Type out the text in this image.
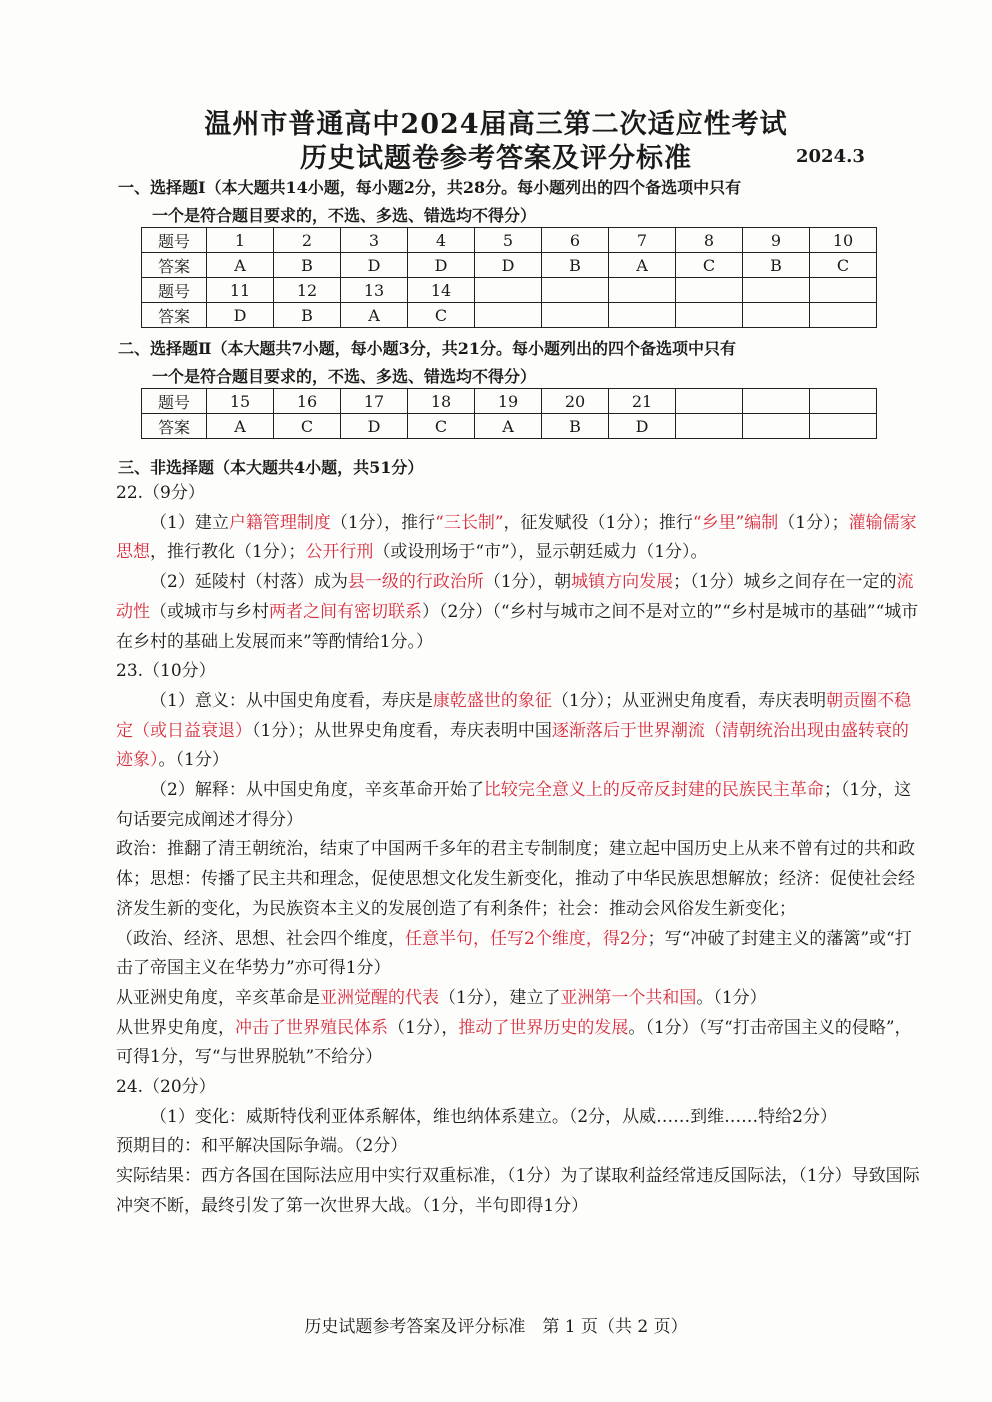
温州市普通高中2024届高三第二次适应性考试
历史试题卷参考答案及评分标准	2024.3
一、选择题Ⅰ（本大题共14小题，每小题2分，共28分。每小题列出的四个备选项中只有
一个是符合题目要求的，不选、多选、错选均不得分）
题号	1	2	3	4	5	6	7	8	9	10
答案	A	B	D	D	D	B	A	C	B	C
题号	11	12	13	14						
答案	D	B	A	C						
二、选择题Ⅱ（本大题共7小题，每小题3分，共21分。每小题列出的四个备选项中只有
一个是符合题目要求的，不选、多选、错选均不得分）
题号	15	16	17	18	19	20	21			
答案	A	C	D	C	A	B	D			
三、非选择题（本大题共4小题，共51分）

22.（9分）

（1）建立户籍管理制度（1分），推行“三长制”，征发赋役（1分）；推行“乡里”编制（1分）；灌输儒家思想，推行教化（1分）；公开行刑（或设刑场于“市”），显示朝廷威力（1分）。

（2）延陵村（村落）成为县一级的行政治所（1分），朝城镇方向发展；（1分）城乡之间存在一定的流动性（或城市与乡村两者之间有密切联系）（2分）（“乡村与城市之间不是对立的”“乡村是城市的基础”“城市在乡村的基础上发展而来”等酌情给1分。）

23.（10分）

（1）意义：从中国史角度看，寿庆是康乾盛世的象征（1分）；从亚洲史角度看，寿庆表明朝贡圈不稳定（或日益衰退）（1分）；从世界史角度看，寿庆表明中国逐渐落后于世界潮流（清朝统治出现由盛转衰的迹象）。（1分）

（2）解释：从中国史角度，辛亥革命开始了比较完全意义上的反帝反封建的民族民主革命；（1分，这句话要完成阐述才得分）

政治：推翻了清王朝统治，结束了中国两千多年的君主专制制度；建立起中国历史上从来不曾有过的共和政体；思想：传播了民主共和理念，促使思想文化发生新变化，推动了中华民族思想解放；经济：促使社会经济发生新的变化，为民族资本主义的发展创造了有利条件；社会：推动会风俗发生新变化；

（政治、经济、思想、社会四个维度，任意半句，任写2个维度，得2分；写“冲破了封建主义的藩篱”或“打击了帝国主义在华势力”亦可得1分）

从亚洲史角度，辛亥革命是亚洲觉醒的代表（1分），建立了亚洲第一个共和国。（1分）

从世界史角度，冲击了世界殖民体系（1分），推动了世界历史的发展。（1分）（写“打击帝国主义的侵略”，可得1分，写“与世界脱轨”不给分）

24.（20分）

（1）变化：威斯特伐利亚体系解体，维也纳体系建立。（2分，从威……到维……特给2分）

预期目的：和平解决国际争端。（2分）

实际结果：西方各国在国际法应用中实行双重标准，（1分）为了谋取利益经常违反国际法，（1分）导致国际冲突不断，最终引发了第一次世界大战。（1分，半句即得1分）

历史试题参考答案及评分标准　第 1 页（共 2 页）
